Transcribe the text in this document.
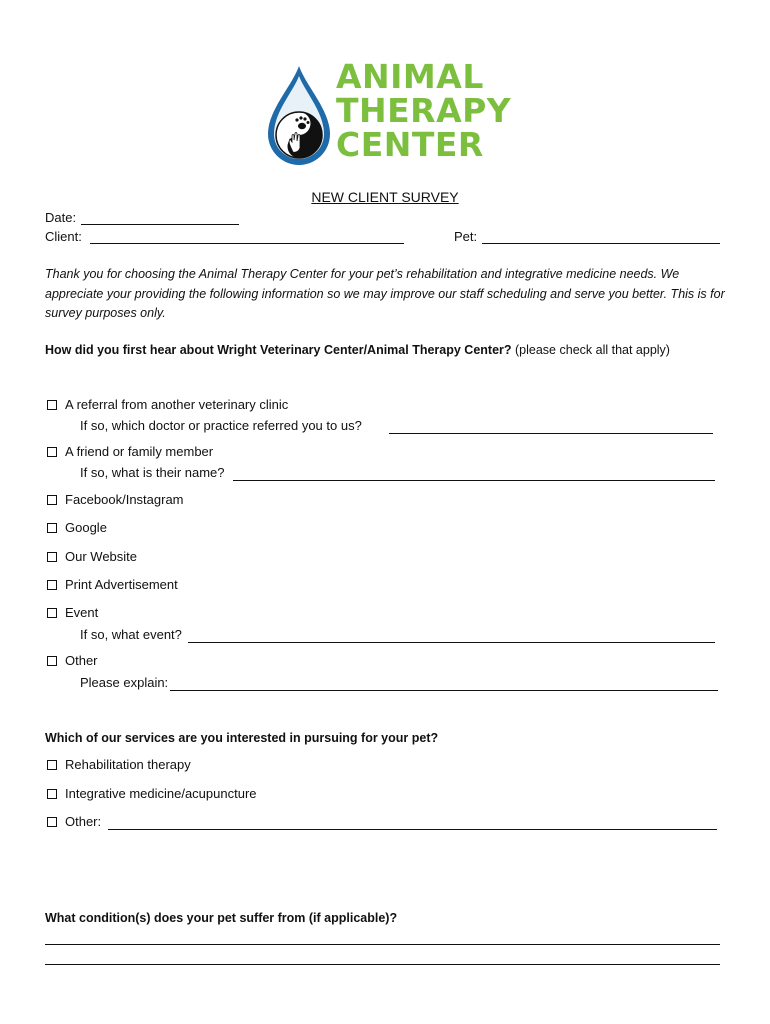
ANIMAL
THERAPY
CENTER
NEW CLIENT SURVEY
Date:
Client:	Pet:
Thank you for choosing the Animal Therapy Center for your pet’s rehabilitation and integrative medicine needs. We appreciate your providing the following information so we may improve our staff scheduling and serve you better. This is for survey purposes only.
How did you first hear about Wright Veterinary Center/Animal Therapy Center? (please check all that apply)
A referral from another veterinary clinic
If so, which doctor or practice referred you to us?
A friend or family member
If so, what is their name?
Facebook/Instagram
Google
Our Website
Print Advertisement
Event
If so, what event?
Other
Please explain:
Which of our services are you interested in pursuing for your pet?
Rehabilitation therapy
Integrative medicine/acupuncture
Other:
What condition(s) does your pet suffer from (if applicable)?
